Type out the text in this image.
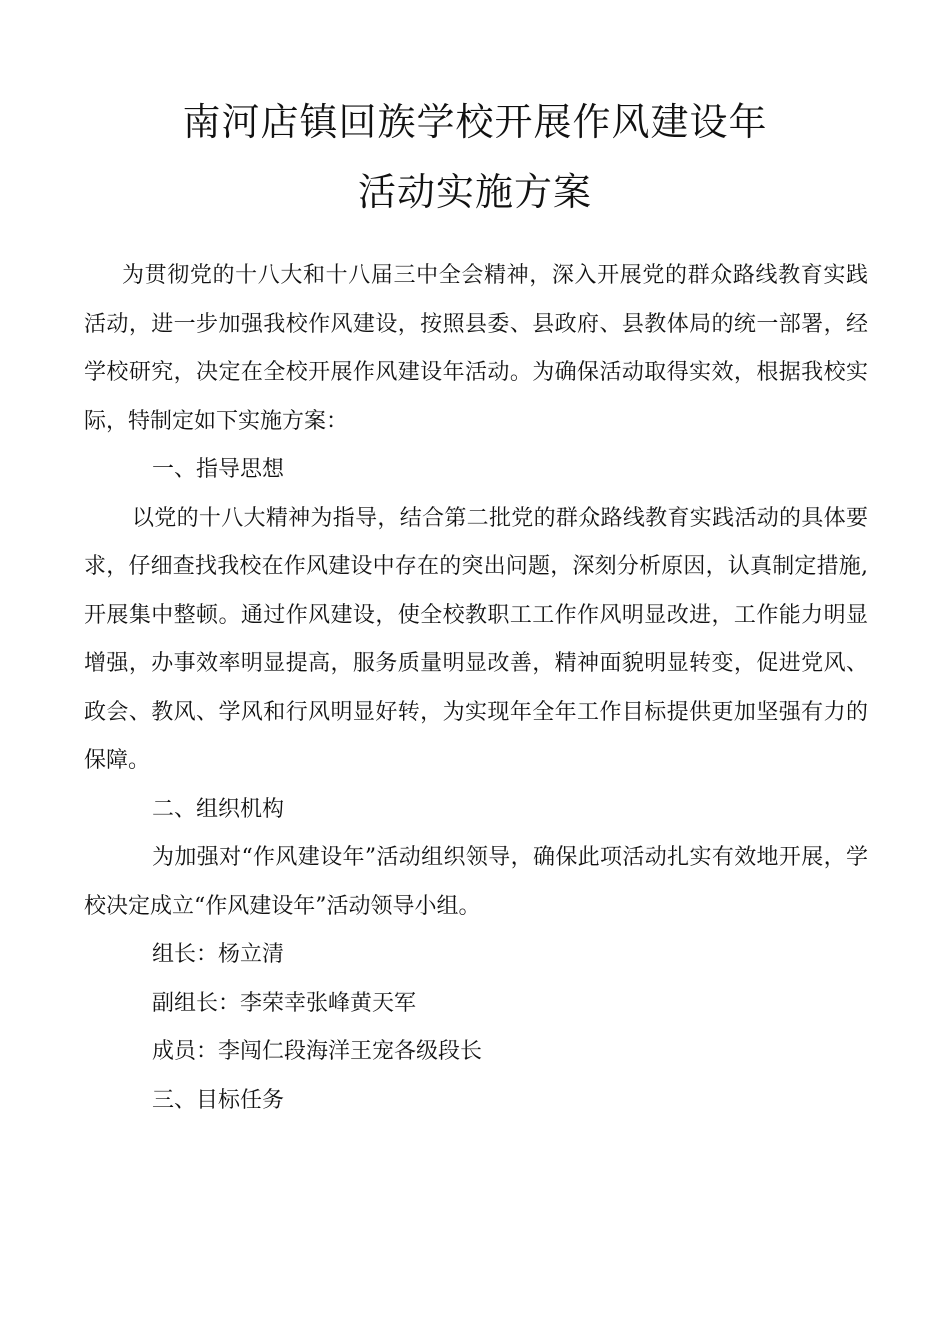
南河店镇回族学校开展作风建设年
活动实施方案

为贯彻党的十八大和十八届三中全会精神，深入开展党的群众路线教育实践活动，进一步加强我校作风建设，按照县委、县政府、县教体局的统一部署，经学校研究，决定在全校开展作风建设年活动。为确保活动取得实效，根据我校实际，特制定如下实施方案：

一、指导思想

以党的十八大精神为指导，结合第二批党的群众路线教育实践活动的具体要求，仔细查找我校在作风建设中存在的突出问题，深刻分析原因，认真制定措施,开展集中整顿。通过作风建设，使全校教职工工作作风明显改进，工作能力明显增强，办事效率明显提高，服务质量明显改善，精神面貌明显转变，促进党风、政会、教风、学风和行风明显好转，为实现年全年工作目标提供更加坚强有力的保障。

二、组织机构

为加强对“作风建设年”活动组织领导，确保此项活动扎实有效地开展，学校决定成立“作风建设年”活动领导小组。

组长：杨立清

副组长：李荣幸张峰黄天军

成员：李闯仁段海洋王宠各级段长

三、目标任务
